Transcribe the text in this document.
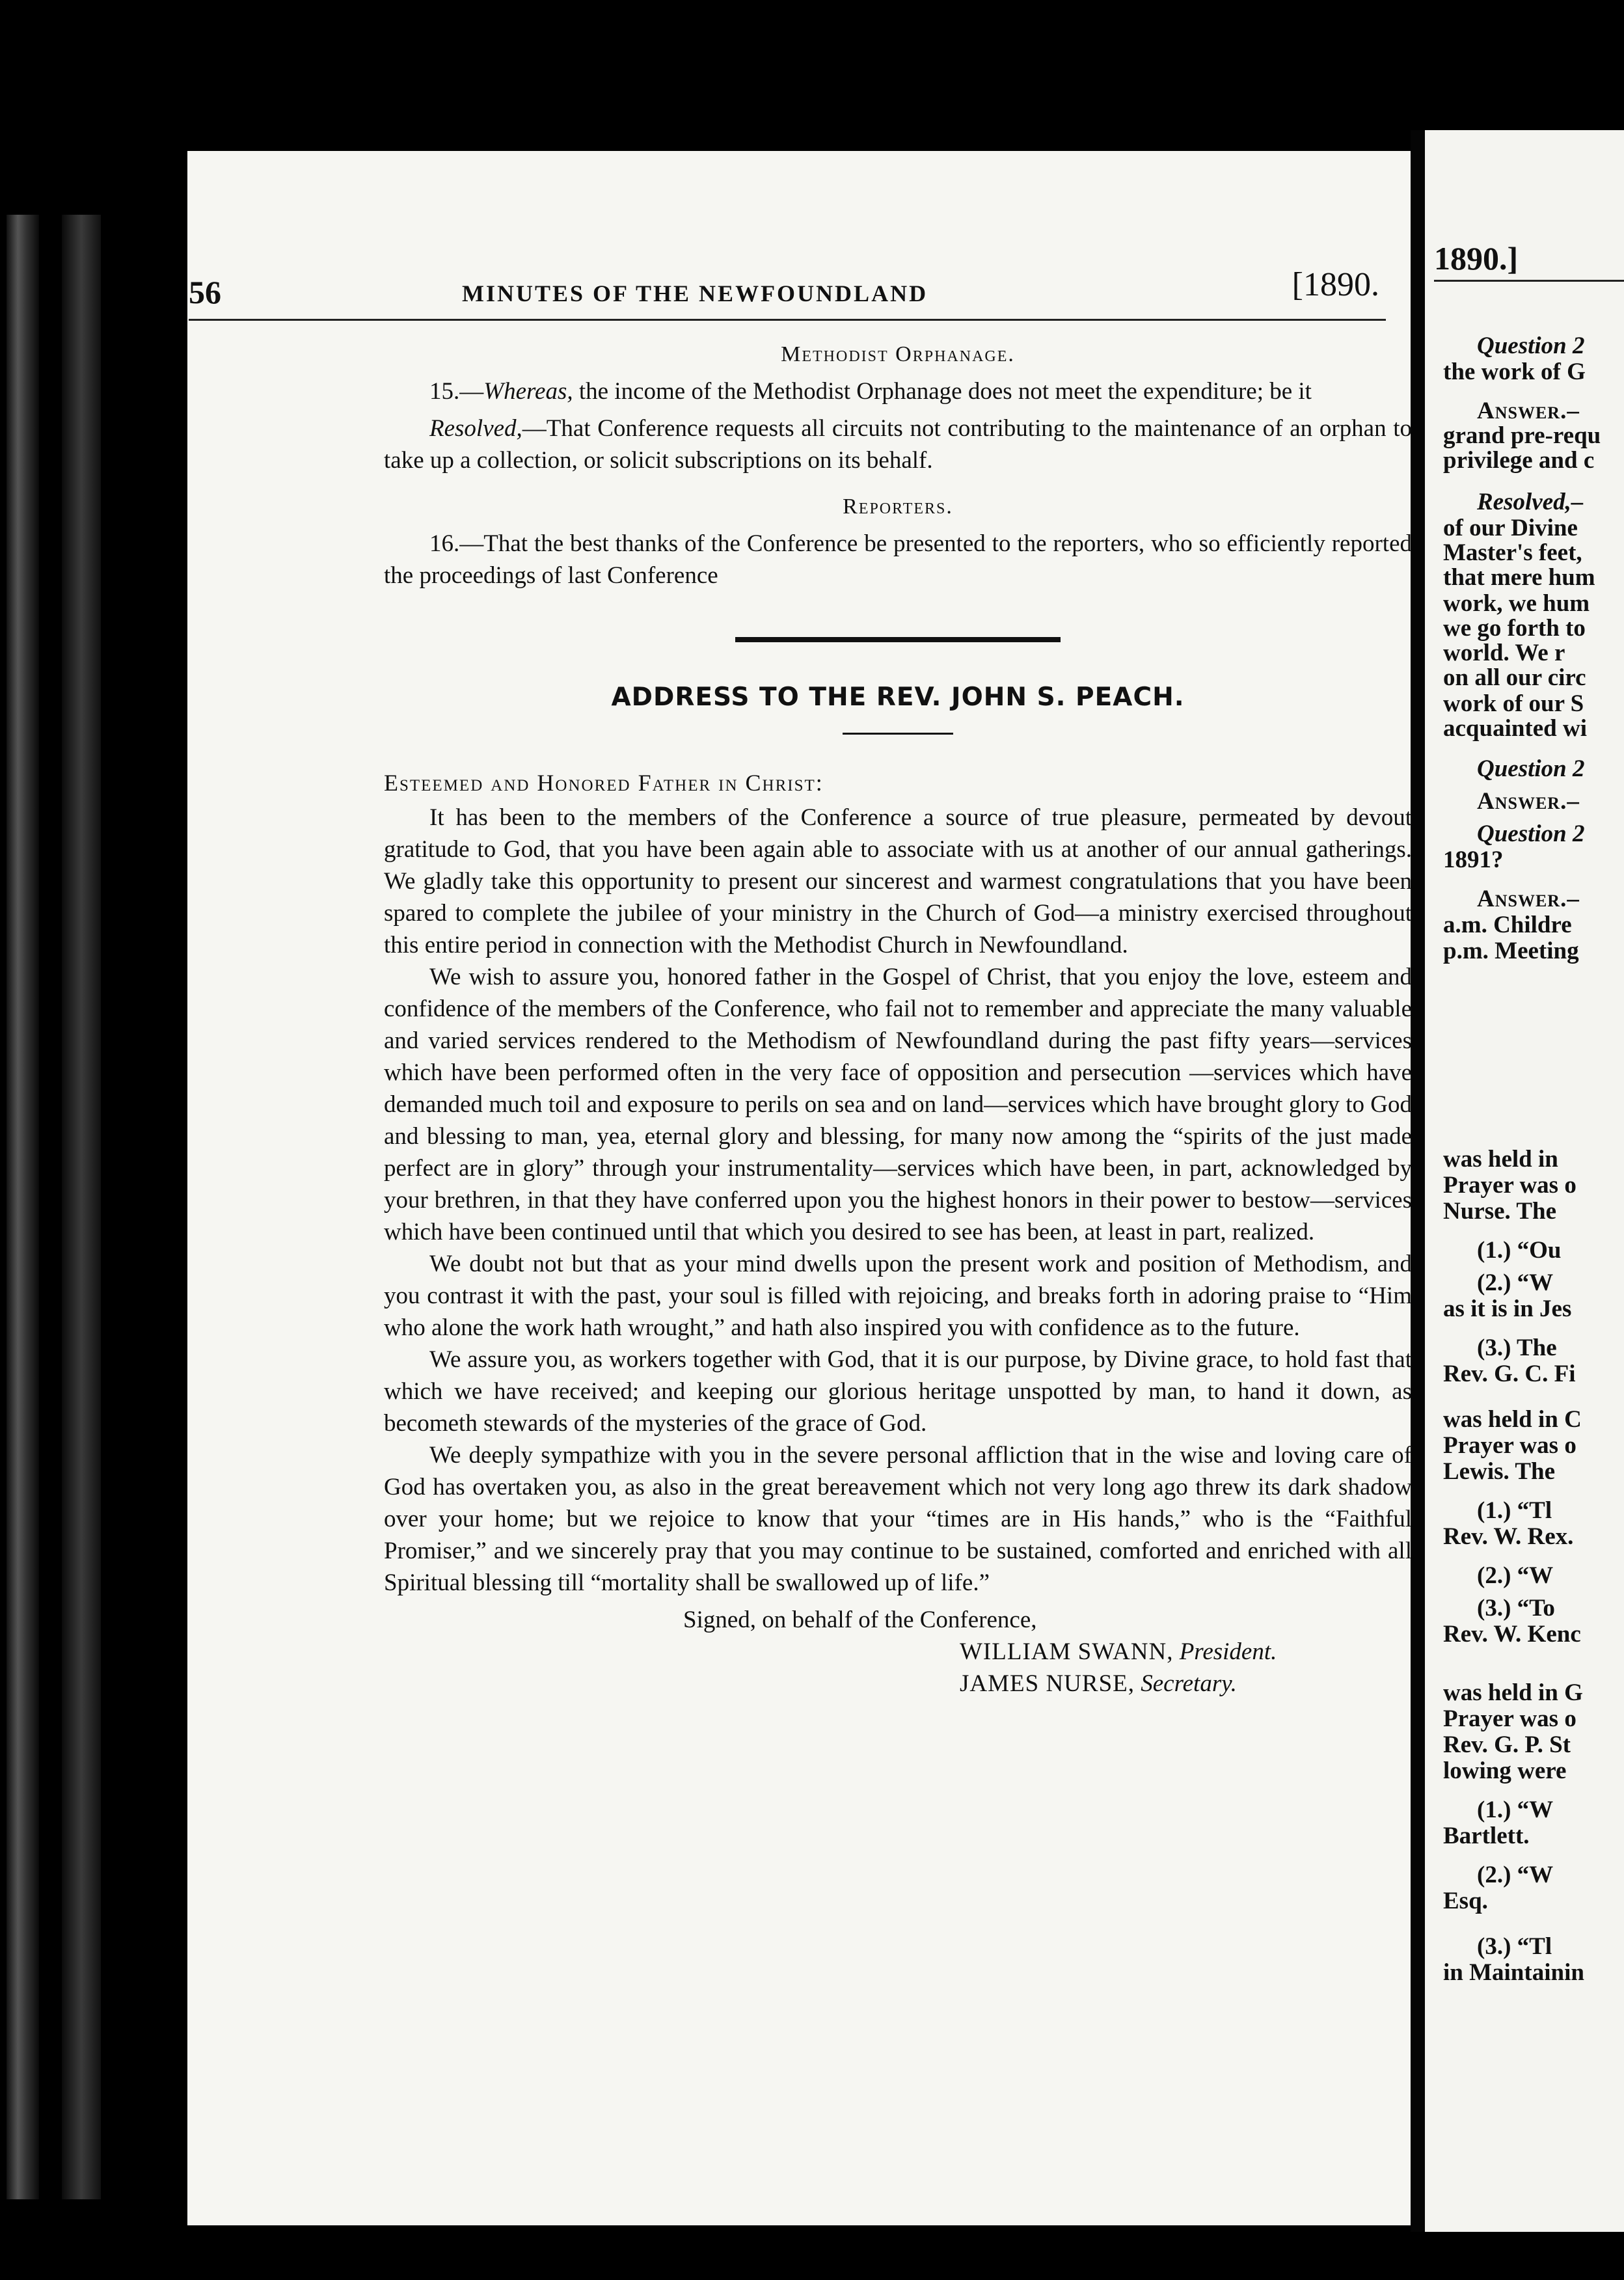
56	MINUTES OF THE NEWFOUNDLAND	[1890.
Methodist Orphanage.

15.—Whereas, the income of the Methodist Orphanage does not meet the expenditure; be it

Resolved,—That Conference requests all circuits not contributing to the maintenance of an orphan to take up a collection, or solicit subscriptions on its behalf.

Reporters.

16.—That the best thanks of the Conference be presented to the reporters, who so efficiently reported the proceedings of last Conference

ADDRESS TO THE REV. JOHN S. PEACH.

Esteemed and Honored Father in Christ:

It has been to the members of the Conference a source of true pleasure, permeated by devout gratitude to God, that you have been again able to associate with us at another of our annual gatherings. We gladly take this opportunity to present our sincerest and warmest congratulations that you have been spared to complete the jubilee of your ministry in the Church of God—a ministry exercised throughout this entire period in connection with the Methodist Church in Newfoundland.

We wish to assure you, honored father in the Gospel of Christ, that you enjoy the love, esteem and confidence of the members of the Conference, who fail not to remember and appreciate the many valuable and varied services rendered to the Methodism of Newfoundland during the past fifty years—services which have been performed often in the very face of opposition and persecution —services which have demanded much toil and exposure to perils on sea and on land—services which have brought glory to God and blessing to man, yea, eternal glory and blessing, for many now among the “spirits of the just made perfect are in glory” through your instrumentality—services which have been, in part, acknowledged by your brethren, in that they have conferred upon you the highest honors in their power to bestow—services which have been continued until that which you desired to see has been, at least in part, realized.

We doubt not but that as your mind dwells upon the present work and position of Methodism, and you contrast it with the past, your soul is filled with rejoicing, and breaks forth in adoring praise to “Him who alone the work hath wrought,” and hath also inspired you with confidence as to the future.

We assure you, as workers together with God, that it is our purpose, by Divine grace, to hold fast that which we have received; and keeping our glorious heritage unspotted by man, to hand it down, as becometh stewards of the mysteries of the grace of God.

We deeply sympathize with you in the severe personal affliction that in the wise and loving care of God has overtaken you, as also in the great bereavement which not very long ago threw its dark shadow over your home; but we rejoice to know that your “times are in His hands,” who is the “Faithful Promiser,” and we sincerely pray that you may continue to be sustained, comforted and enriched with all Spiritual blessing till “mortality shall be swallowed up of life.”

Signed, on behalf of the Conference,

WILLIAM SWANN, President.

JAMES NURSE, Secretary.

1890.]
Question 2
the work of G
Answer.–
grand pre-requ
privilege and c
Resolved,–
of our Divine
Master's feet,
that mere hum
work, we hum
we go forth to
world. We r
on all our circ
work of our S
acquainted wi
Question 2
Answer.–
Question 2
1891?
Answer.–
a.m. Childre
p.m. Meeting
was held in
Prayer was o
Nurse. The
(1.) “Ou
(2.) “W
as it is in Jes
(3.) The
Rev. G. C. Fi
was held in C
Prayer was o
Lewis. The
(1.) “Tl
Rev. W. Rex.
(2.) “W
(3.) “To
Rev. W. Kenc
was held in G
Prayer was o
Rev. G. P. St
lowing were
(1.) “W
Bartlett.
(2.) “W
Esq.
(3.) “Tl
in Maintainin
